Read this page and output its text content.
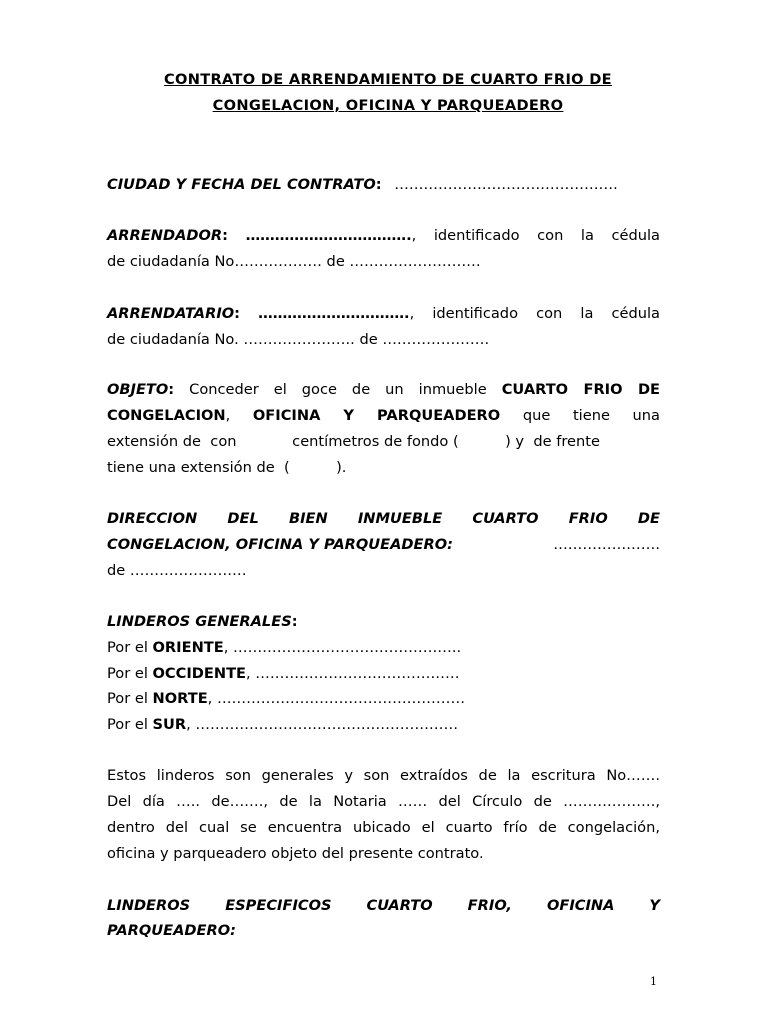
CONTRATO DE ARRENDAMIENTO DE CUARTO FRIO DE
CONGELACION, OFICINA Y PARQUEADERO
CIUDAD Y FECHA DEL CONTRATO: ……………………………………….
ARRENDADOR: ……………………………., identificado con la cédula
de ciudadanía No……………… de ………………………
ARRENDATARIO: …………………………., identificado con la cédula
de ciudadanía No. ………………….. de ………………….
OBJETO: Conceder el goce de un inmueble CUARTO FRIO DE
CONGELACION, OFICINA Y PARQUEADERO que tiene una
extensión de  con            centímetros de fondo (          ) y  de frente
tiene una extensión de  (          ).
DIRECCION DEL BIEN INMUEBLE CUARTO FRIO DE
CONGELACION, OFICINA Y PARQUEADERO:	………………….
de ……………………
LINDEROS GENERALES:
Por el ORIENTE, ………………………………………..
Por el OCCIDENTE, ……………………………………
Por el NORTE, ……………………………………………
Por el SUR, ………………………………………………
Estos linderos son generales y son extraídos de la escritura No…….
Del día ….. de……., de la Notaria …… del Círculo de ……………….,
dentro del cual se encuentra ubicado el cuarto frío de congelación,
oficina y parqueadero objeto del presente contrato.
LINDEROS ESPECIFICOS CUARTO FRIO, OFICINA Y
PARQUEADERO:
1
